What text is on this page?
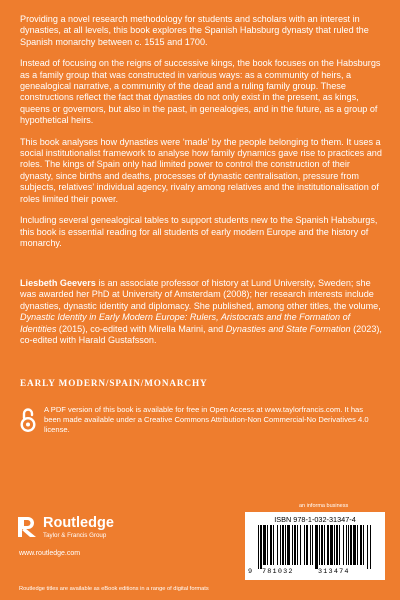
Providing a novel research methodology for students and scholars with an interest in dynasties, at all levels, this book explores the Spanish Habsburg dynasty that ruled the Spanish monarchy between c. 1515 and 1700.

Instead of focusing on the reigns of successive kings, the book focuses on the Habsburgs as a family group that was constructed in various ways: as a community of heirs, a genealogical narrative, a community of the dead and a ruling family group. These constructions reflect the fact that dynasties do not only exist in the present, as kings, queens or governors, but also in the past, in genealogies, and in the future, as a group of hypothetical heirs.

This book analyses how dynasties were ‘made’ by the people belonging to them. It uses a social institutionalist framework to analyse how family dynamics gave rise to practices and roles. The kings of Spain only had limited power to control the construction of their dynasty, since births and deaths, processes of dynastic centralisation, pressure from subjects, relatives’ individual agency, rivalry among relatives and the institutionalisation of roles limited their power.

Including several genealogical tables to support students new to the Spanish Habsburgs, this book is essential reading for all students of early modern Europe and the history of monarchy.

Liesbeth Geevers is an associate professor of history at Lund University, Sweden; she was awarded her PhD at University of Amsterdam (2008); her research interests include dynasties, dynastic identity and diplomacy. She published, among other titles, the volume, Dynastic Identity in Early Modern Europe: Rulers, Aristocrats and the Formation of Identities (2015), co-edited with Mirella Marini, and Dynasties and State Formation (2023), co-edited with Harald Gustafsson.
EARLY MODERN/SPAIN/MONARCHY
A PDF version of this book is available for free in Open Access at www.taylorfrancis.com. It has been made available under a Creative Commons Attribution-Non Commercial-No Derivatives 4.0 license.
an informa business
Routledge
Taylor & Francis Group
www.routledge.com
ISBN 978-1-032-31347-4
9 781032	313474
Routledge titles are available as eBook editions in a range of digital formats
